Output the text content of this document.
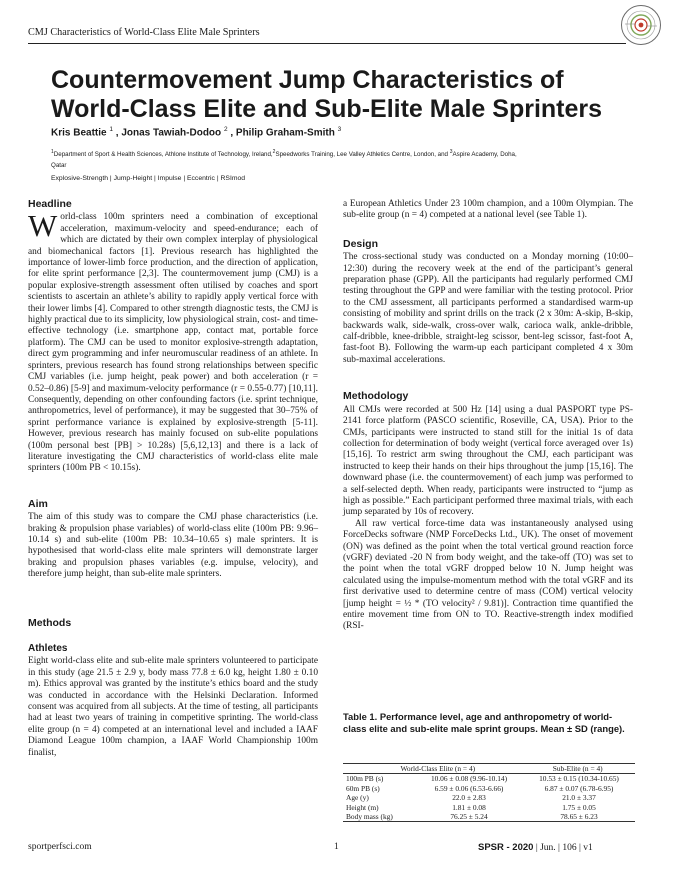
CMJ Characteristics of World-Class Elite Male Sprinters
Countermovement Jump Characteristics of
World-Class Elite and Sub-Elite Male Sprinters
Kris Beattie $^1$ , Jonas Tawiah-Dodoo $^2$ , Philip Graham-Smith $^3$
$^1$Department of Sport & Health Sciences, Athlone Institute of Technology, Ireland,$^2$Speedworks Training, Lee Valley Athletics Centre, London, and $^3$Aspire Academy, Doha,
Qatar
Explosive-Strength | Jump-Height | Impulse | Eccentric | RSImod
Headline

World-class 100m sprinters need a combination of exceptional acceleration, maximum-velocity and speed-endurance; each of which are dictated by their own complex interplay of physiological and biomechanical factors [1]. Previous research has highlighted the importance of lower-limb force production, and the direction of application, for elite sprint performance [2,3]. The countermovement jump (CMJ) is a popular explosive-strength assessment often utilised by coaches and sport scientists to ascertain an athlete’s ability to rapidly apply vertical force with their lower limbs [4]. Compared to other strength diagnostic tests, the CMJ is highly practical due to its simplicity, low physiological strain, cost- and time-effective technology (i.e. smartphone app, contact mat, portable force platform). The CMJ can be used to monitor explosive-strength adaptation, direct gym programming and infer neuromuscular readiness of an athlete. In sprinters, previous research has found strong relationships between specific CMJ variables (i.e. jump height, peak power) and both acceleration (r = 0.52–0.86) [5-9] and maximum-velocity performance (r = 0.55-0.77) [10,11]. Consequently, depending on other confounding factors (i.e. sprint technique, anthropometrics, level of performance), it may be suggested that 30–75% of sprint performance variance is explained by explosive-strength [5-11]. However, previous research has mainly focused on sub-elite populations (100m personal best [PB] > 10.28s) [5,6,12,13] and there is a lack of literature investigating the CMJ characteristics of world-class elite male sprinters (100m PB < 10.15s).

Aim

The aim of this study was to compare the CMJ phase characteristics (i.e. braking & propulsion phase variables) of world-class elite (100m PB: 9.96–10.14 s) and sub-elite (100m PB: 10.34–10.65 s) male sprinters. It is hypothesised that world-class elite male sprinters will demonstrate larger braking and propulsion phases variables (e.g. impulse, velocity), and therefore jump height, than sub-elite male sprinters.

Methods
Athletes

Eight world-class elite and sub-elite male sprinters volunteered to participate in this study (age 21.5 ± 2.9 y, body mass 77.8 ± 6.0 kg, height 1.80 ± 0.10 m). Ethics approval was granted by the institute’s ethics board and the study was conducted in accordance with the Helsinki Declaration. Informed consent was acquired from all subjects. At the time of testing, all participants had at least two years of training in competitive sprinting. The world-class elite group (n = 4) competed at an international level and included a IAAF Diamond League 100m champion, a IAAF World Championship 100m finalist,

a European Athletics Under 23 100m champion, and a 100m Olympian. The sub-elite group (n = 4) competed at a national level (see Table 1).

Design

The cross-sectional study was conducted on a Monday morning (10:00–12:30) during the recovery week at the end of the participant’s general preparation phase (GPP). All the participants had regularly performed CMJ testing throughout the GPP and were familiar with the testing protocol. Prior to the CMJ assessment, all participants performed a standardised warm-up consisting of mobility and sprint drills on the track (2 x 30m: A-skip, B-skip, backwards walk, side-walk, cross-over walk, carioca walk, ankle-dribble, calf-dribble, knee-dribble, straight-leg scissor, bent-leg scissor, fast-foot A, fast-foot B). Following the warm-up each participant completed 4 x 30m sub-maximal accelerations.

Methodology

All CMJs were recorded at 500 Hz [14] using a dual PASPORT type PS-2141 force platform (PASCO scientific, Roseville, CA, USA). Prior to the CMJs, participants were instructed to stand still for the initial 1s of data collection for determination of body weight (vertical force averaged over 1s) [15,16]. To restrict arm swing throughout the CMJ, each participant was instructed to keep their hands on their hips throughout the jump [15,16]. The downward phase (i.e. the countermovement) of each jump was performed to a self-selected depth. When ready, participants were instructed to “jump as high as possible.” Each participant performed three maximal trials, with each jump separated by 10s of recovery.

All raw vertical force-time data was instantaneously analysed using ForceDecks software (NMP ForceDecks Ltd., UK). The onset of movement (ON) was defined as the point when the total vertical ground reaction force (vGRF) deviated -20 N from body weight, and the take-off (TO) was set to the point when the total vGRF dropped below 10 N. Jump height was calculated using the impulse-momentum method with the total vGRF and its first derivative used to determine centre of mass (COM) vertical velocity [jump height = ½ * (TO velocity² / 9.81)]. Contraction time quantified the entire movement time from ON to TO. Reactive-strength index modified (RSI-

Table 1. Performance level, age and anthropometry of world-class elite and sub-elite male sprint groups. Mean ± SD (range).
	World-Class Elite (n = 4)	Sub-Elite (n = 4)
100m PB (s)	10.06 ± 0.08 (9.96-10.14)	10.53 ± 0.15 (10.34-10.65)
60m PB (s)	6.59 ± 0.06 (6.53-6.66)	6.87 ± 0.07 (6.78-6.95)
Age (y)	22.0 ± 2.83	21.0 ± 3.37
Height (m)	1.81 ± 0.08	1.75 ± 0.05
Body mass (kg)	76.25 ± 5.24	78.65 ± 6.23
sportperfsci.com	1	SPSR - 2020 | Jun. | 106 | v1
